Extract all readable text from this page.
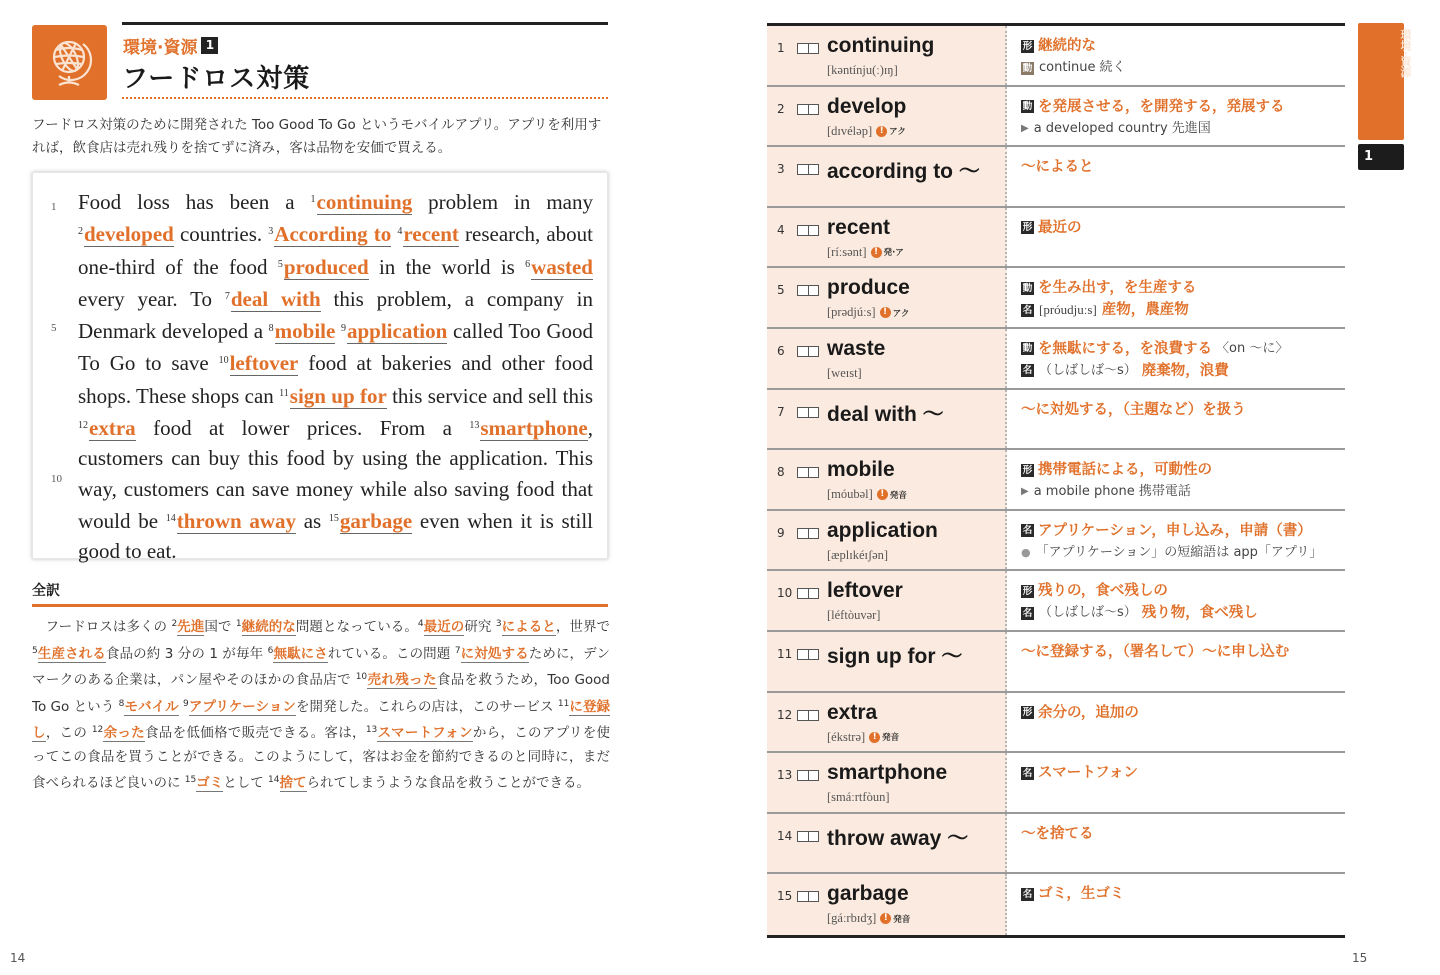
環境·資源 1
フードロス対策
フードロス対策のために開発された Too Good To Go というモバイルアプリ。アプリを利用すれば，飲食店は売れ残りを捨てずに済み，客は品物を安価で買える。
1
5
10
Food loss has been a $^1$continuing problem in many $^2$developed countries. $^3$According to $^4$recent research, about one-third of the food $^5$produced in the world is $^6$wasted every year. To $^7$deal with this problem, a company in Denmark developed a $^8$mobile $^9$application called Too Good To Go to save $^{10}$leftover food at bakeries and other food shops. These shops can $^{11}$sign up for this service and sell this $^{12}$extra food at lower prices. From a $^{13}$smartphone, customers can buy this food by using the application. This way, customers can save money while also saving food that would be $^{14}$thrown away as $^{15}$garbage even when it is still good to eat.
全訳
フードロスは多くの $^2$先進国で $^1$継続的な問題となっている。$^4$最近の研究 $^3$によると，世界で $^5$生産される食品の約 3 分の 1 が毎年 $^6$無駄にされている。この問題 $^7$に対処するために，デンマークのある企業は，パン屋やそのほかの食品店で $^{10}$売れ残った食品を救うため，Too Good To Go という $^8$モバイル $^9$アプリケーションを開発した。これらの店は，このサービス $^{11}$に登録し，この $^{12}$余った食品を低価格で販売できる。客は，$^{13}$スマートフォンから，このアプリを使ってこの食品を買うことができる。このようにして，客はお金を節約できるのと同時に，まだ食べられるほど良いのに $^{15}$ゴミとして $^{14}$捨てられてしまうような食品を救うことができる。
14
1 continuing
[kəntínju(ː)ɪŋ]
形 継続的な
動 continue 続く
2 develop
[dɪvéləp] ! アク
動 を発展させる，を開発する，発展する
▶ a developed country 先進国
3 according to ～	～によると
4 recent
[ríːsənt] ! 発·ア
形 最近の
5 produce
[prədjúːs] ! アク
動 を生み出す，を生産する
名 [próudjuːs] 産物，農産物
6 waste
[weɪst]
動 を無駄にする，を浪費する 〈on ～に〉
名 （しばしば～s） 廃棄物，浪費
7 deal with ～	～に対処する，（主題など）を扱う
8 mobile
[móubəl] ! 発音
形 携帯電話による，可動性の
▶ a mobile phone 携帯電話
9 application
[æplɪkéɪʃən]
名 アプリケーション，申し込み，申請（書）
● 「アプリケーション」の短縮語は app「アプリ」
10 leftover
[léftòuvər]
形 残りの，食べ残しの
名 （しばしば～s） 残り物，食べ残し
11 sign up for ～	～に登録する，（署名して）～に申し込む
12 extra
[ékstrə] ! 発音
形 余分の，追加の
13 smartphone
[smáːrtfòun]
名 スマートフォン
14 throw away ～	～を捨てる
15 garbage
[gáːrbɪdʒ] ! 発音
名 ゴミ，生ゴミ
環境·資源
1
15
